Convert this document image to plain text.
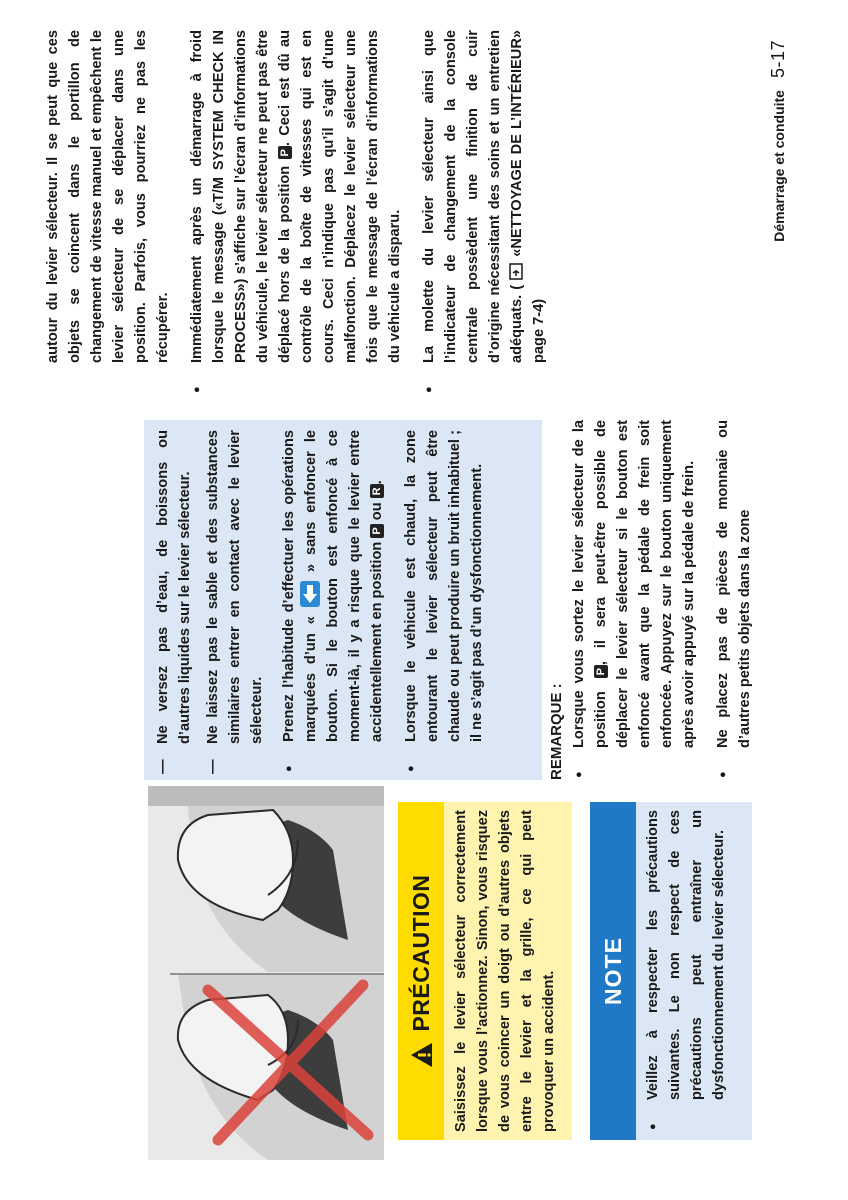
Démarrage et conduite
5-17
PRÉCAUTION Saisissez le levier sélecteur correctement lorsque vous l’actionnez. Sinon, vous risquez de vous coincer un doigt ou d’autres objets entre le levier et la grille, ce qui peut provoquer un accident. NOTE ● Veillez à respecter les précautions suivantes. Le non respect de ces précautions peut entraîner un dysfonctionnement du levier sélecteur.
— Ne versez pas d’eau, de boissons ou d’autres liquides sur le levier sélecteur. — Ne laissez pas le sable et des substances similaires entrer en contact avec le levier sélecteur. ● Prenez l’habitude d’effectuer les opérations marquées d’un «  » sans enfoncer le bouton. Si le bouton est enfoncé à ce moment-là, il y a risque que le levier entre accidentellement en position P ou R. ● Lorsque le véhicule est chaud, la zone entourant le levier sélecteur peut être chaude ou peut produire un bruit inhabituel ; il ne s’agit pas d’un dysfonctionnement.	REMARQUE : ● Lorsque vous sortez le levier sélecteur de la position P, il sera peut-être possible de déplacer le levier sélecteur si le bouton est enfoncé avant que la pédale de frein soit enfoncée. Appuyez sur le bouton uniquement après avoir appuyé sur la pédale de frein. ● Ne placez pas de pièces de monnaie ou d’autres petits objets dans la zone
autour du levier sélecteur. Il se peut que ces objets se coincent dans le portillon de changement de vitesse manuel et empêchent le levier sélecteur de se déplacer dans une position. Parfois, vous pourriez ne pas les récupérer. ● Immédiatement après un démarrage à froid lorsque le message («T/M SYSTEM CHECK IN PROCESS») s’affiche sur l’écran d’informations du véhicule, le levier sélecteur ne peut pas être déplacé hors de la position P. Ceci est dû au contrôle de la boîte de vitesses qui est en cours. Ceci n’indique pas qu’il s’agit d’une malfonction. Déplacez le levier sélecteur une fois que le message de l’écran d’informations du véhicule a disparu. ● La molette du levier sélecteur ainsi que l’indicateur de changement de la console centrale possèdent une finition de cuir d’origine nécessitant des soins et un entretien adéquats. (  «NETTOYAGE DE L’INTÉRIEUR» page 7-4)
